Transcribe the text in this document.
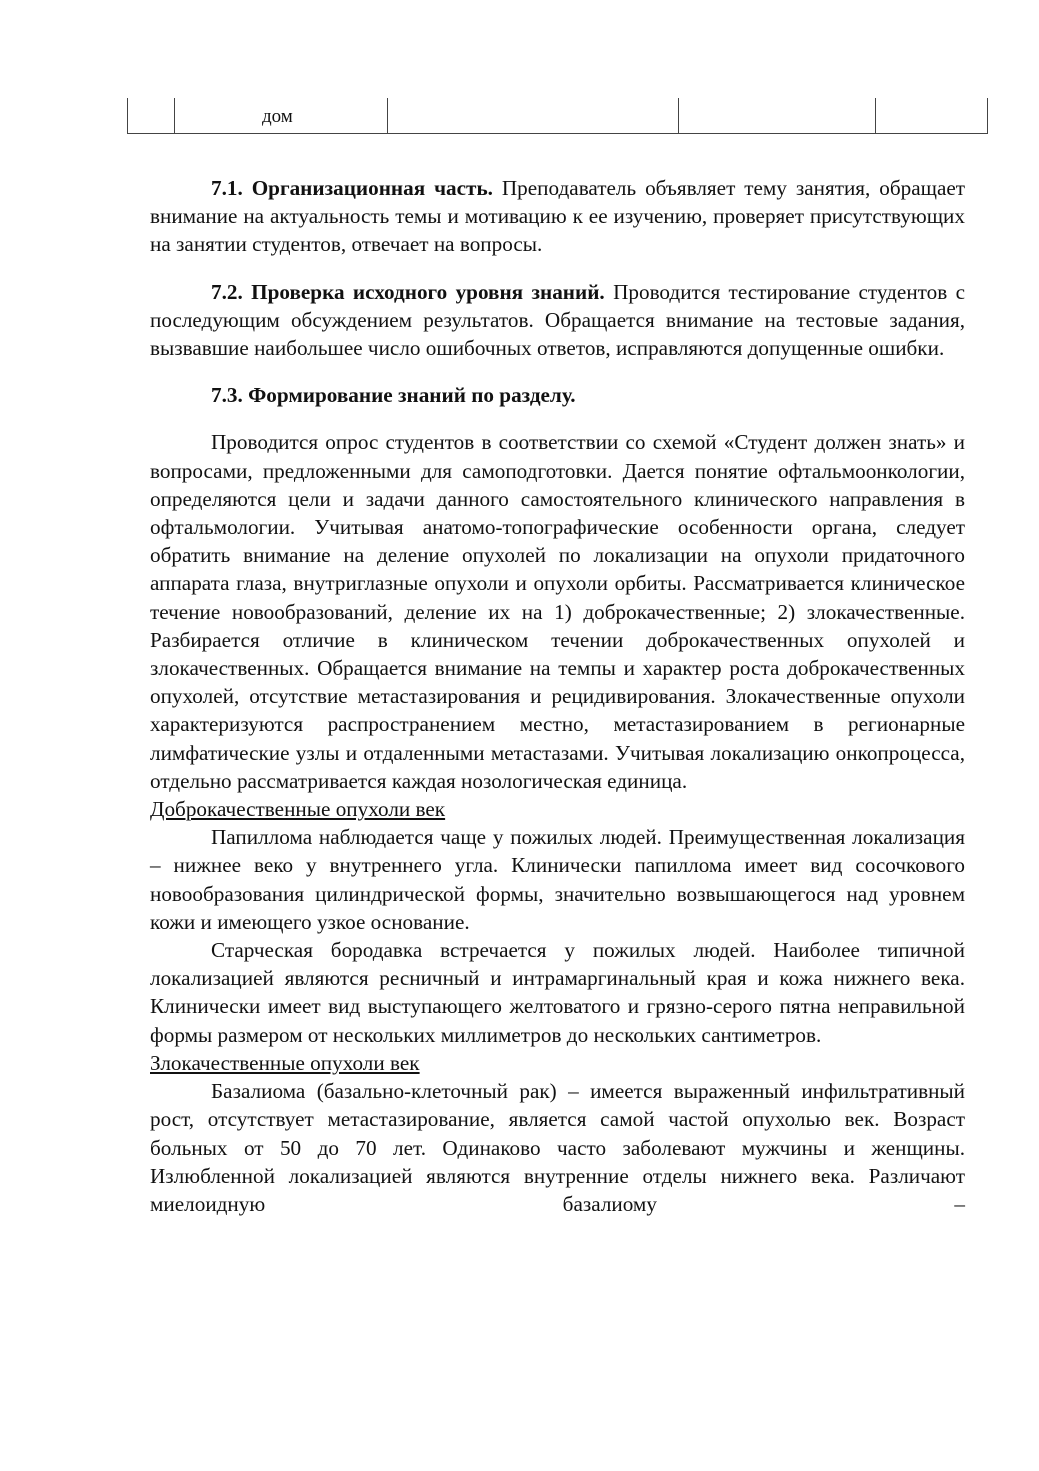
дом

7.1. Организационная часть. Преподаватель объявляет тему занятия, обращает внимание на актуальность темы и мотивацию к ее изучению, проверяет присутствующих на занятии студентов, отвечает на вопросы.

7.2. Проверка исходного уровня знаний. Проводится тестирование студентов с последующим обсуждением результатов. Обращается внимание на тестовые задания, вызвавшие наибольшее число ошибочных ответов, исправляются допущенные ошибки.

7.3. Формирование знаний по разделу.

Проводится опрос студентов в соответствии со схемой «Студент должен знать» и вопросами, предложенными для самоподготовки. Дается понятие офтальмоонкологии, определяются цели и задачи данного самостоятельного клинического направления в офтальмологии. Учитывая анатомо-топографические особенности органа, следует обратить внимание на деление опухолей по локализации на опухоли придаточного аппарата глаза, внутриглазные опухоли и опухоли орбиты. Рассматривается клиническое течение новообразований, деление их на 1) доброкачественные; 2) злокачественные. Разбирается отличие в клиническом течении доброкачественных опухолей и злокачественных. Обращается внимание на темпы и характер роста доброкачественных опухолей, отсутствие метастазирования и рецидивирования. Злокачественные опухоли характеризуются распространением местно, метастазированием в регионарные лимфатические узлы и отдаленными метастазами. Учитывая локализацию онкопроцесса, отдельно рассматривается каждая нозологическая единица.

Доброкачественные опухоли век

Папиллома наблюдается чаще у пожилых людей. Преимущественная локализация – нижнее веко у внутреннего угла. Клинически папиллома имеет вид сосочкового новообразования цилиндрической формы, значительно возвышающегося над уровнем кожи и имеющего узкое основание.

Старческая бородавка встречается у пожилых людей. Наиболее типичной локализацией являются ресничный и интрамаргинальный края и кожа нижнего века. Клинически имеет вид выступающего желтоватого и грязно-серого пятна неправильной формы размером от нескольких миллиметров до нескольких сантиметров.

Злокачественные опухоли век

Базалиома (базально-клеточный рак) – имеется выраженный инфильтративный рост, отсутствует метастазирование, является самой частой опухолью век. Возраст больных от 50 до 70 лет. Одинаково часто заболевают мужчины и женщины. Излюбленной локализацией являются внутренние отделы нижнего века. Различают миелоидную базалиому –
